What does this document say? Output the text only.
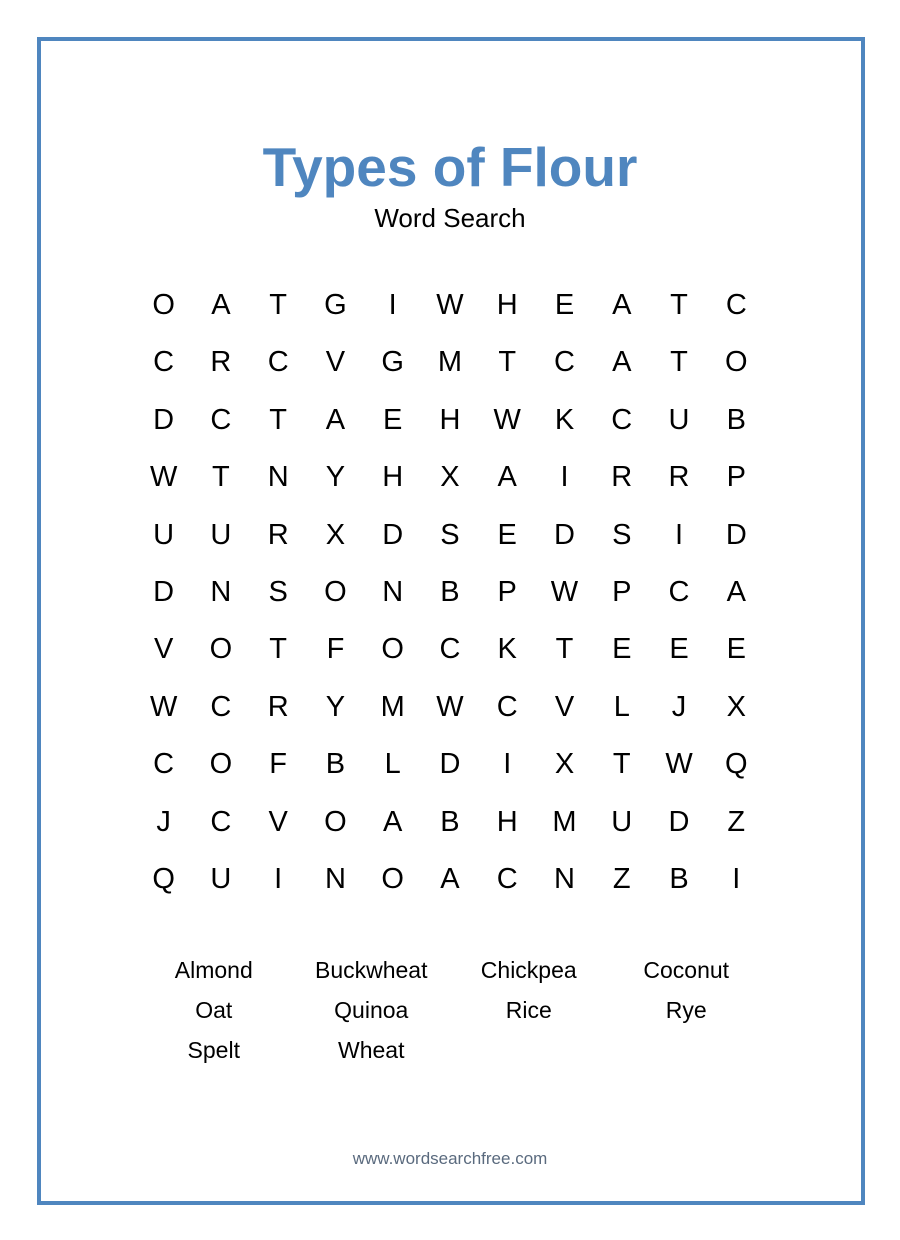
Types of Flour
Word Search
O	A	T	G	I	W	H	E	A	T	C
C	R	C	V	G	M	T	C	A	T	O
D	C	T	A	E	H	W	K	C	U	B
W	T	N	Y	H	X	A	I	R	R	P
U	U	R	X	D	S	E	D	S	I	D
D	N	S	O	N	B	P	W	P	C	A
V	O	T	F	O	C	K	T	E	E	E
W	C	R	Y	M	W	C	V	L	J	X
C	O	F	B	L	D	I	X	T	W	Q
J	C	V	O	A	B	H	M	U	D	Z
Q	U	I	N	O	A	C	N	Z	B	I
Almond	Buckwheat	Chickpea	Coconut
Oat	Quinoa	Rice	Rye
Spelt	Wheat
www.wordsearchfree.com
